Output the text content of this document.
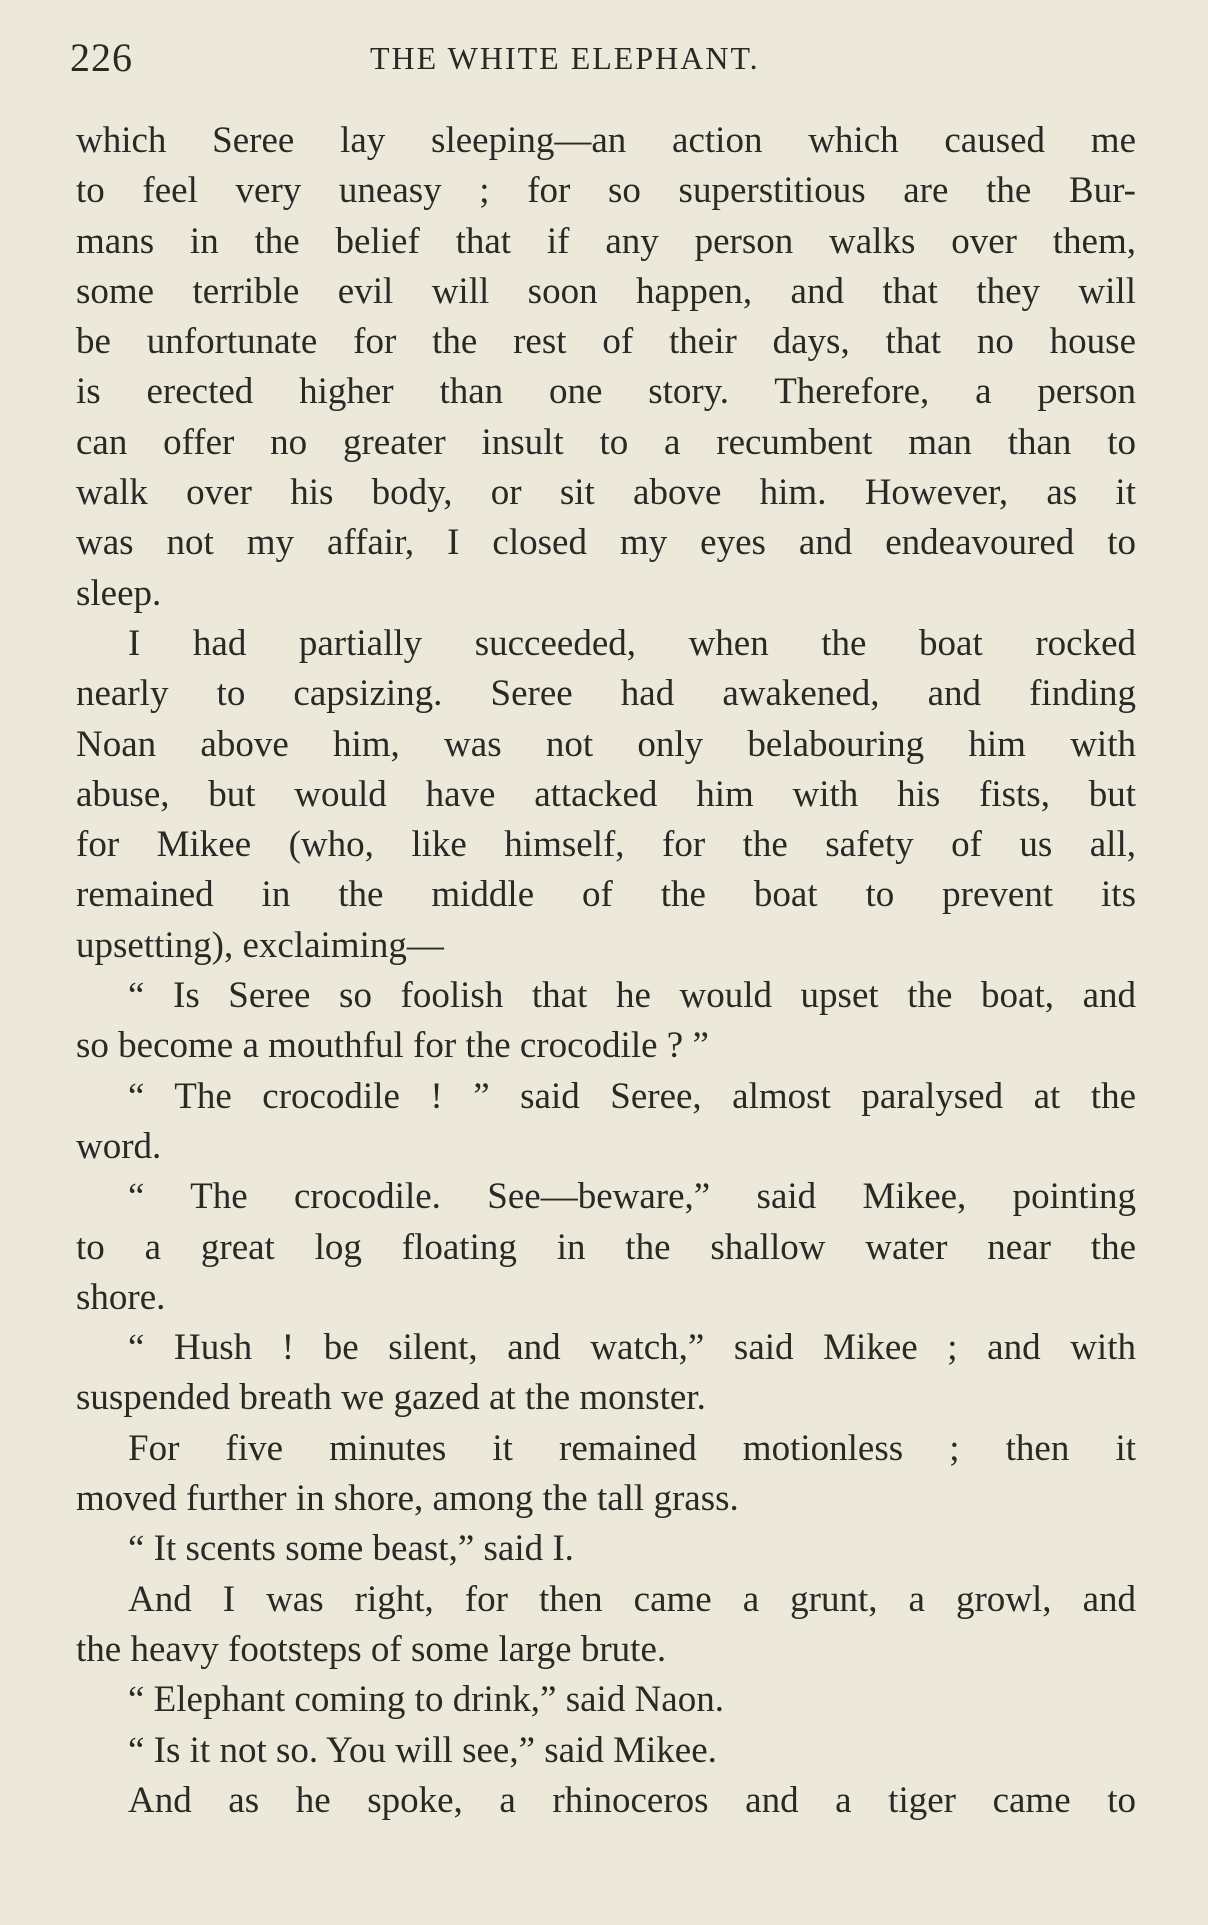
226	THE WHITE ELEPHANT.
which Seree lay sleeping—an action which caused me
to feel very uneasy ; for so superstitious are the Bur-
mans in the belief that if any person walks over them,
some terrible evil will soon happen, and that they will
be unfortunate for the rest of their days, that no house
is erected higher than one story. Therefore, a person
can offer no greater insult to a recumbent man than to
walk over his body, or sit above him. However, as it
was not my affair, I closed my eyes and endeavoured to
sleep.
I had partially succeeded, when the boat rocked
nearly to capsizing. Seree had awakened, and finding
Noan above him, was not only belabouring him with
abuse, but would have attacked him with his fists, but
for Mikee (who, like himself, for the safety of us all,
remained in the middle of the boat to prevent its
upsetting), exclaiming—
“ Is Seree so foolish that he would upset the boat, and
so become a mouthful for the crocodile ? ”
“ The crocodile ! ” said Seree, almost paralysed at the
word.
“ The crocodile. See—beware,” said Mikee, pointing
to a great log floating in the shallow water near the
shore.
“ Hush ! be silent, and watch,” said Mikee ; and with
suspended breath we gazed at the monster.
For five minutes it remained motionless ; then it
moved further in shore, among the tall grass.
“ It scents some beast,” said I.
And I was right, for then came a grunt, a growl, and
the heavy footsteps of some large brute.
“ Elephant coming to drink,” said Naon.
“ Is it not so. You will see,” said Mikee.
And as he spoke, a rhinoceros and a tiger came to
